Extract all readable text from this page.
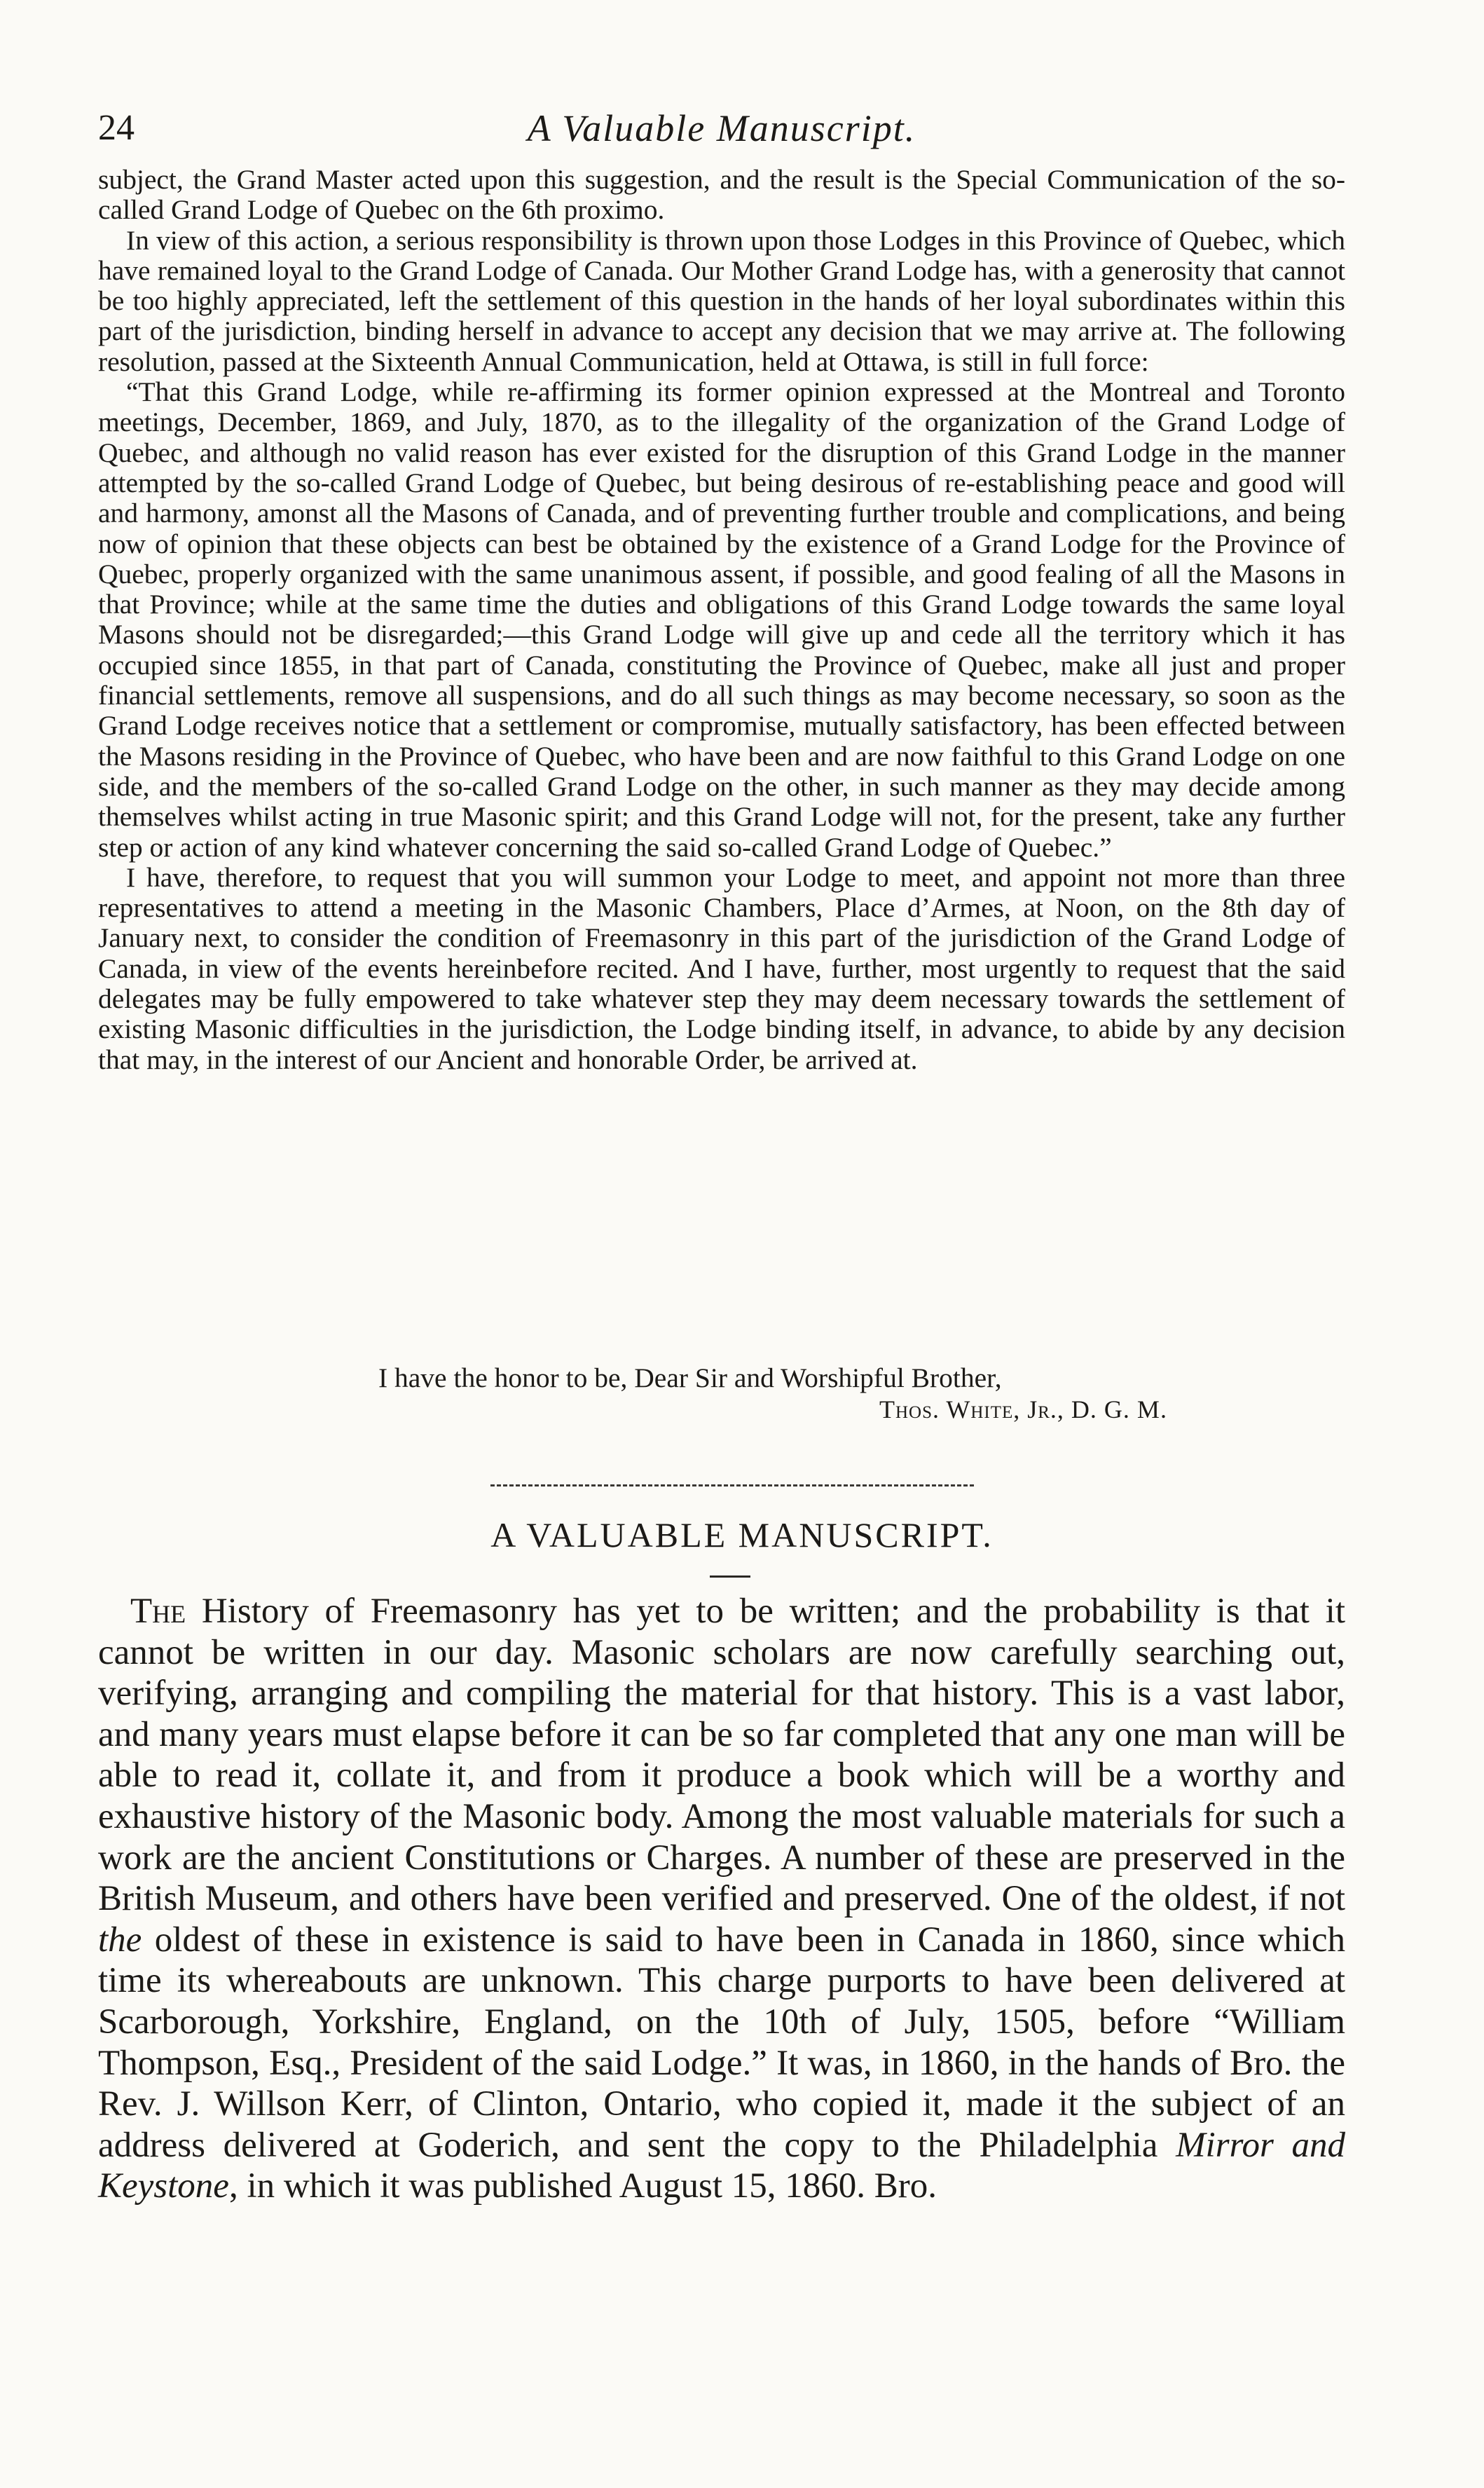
24	A Valuable Manuscript.

subject, the Grand Master acted upon this suggestion, and the result is the Special Communication of the so-called Grand Lodge of Quebec on the 6th proximo.

In view of this action, a serious responsibility is thrown upon those Lodges in this Province of Quebec, which have remained loyal to the Grand Lodge of Canada. Our Mother Grand Lodge has, with a generosity that cannot be too highly appreciated, left the settlement of this question in the hands of her loyal subordinates within this part of the jurisdiction, binding herself in advance to accept any decision that we may arrive at. The following resolution, passed at the Sixteenth Annual Communication, held at Ottawa, is still in full force:

“That this Grand Lodge, while re-affirming its former opinion expressed at the Montreal and Toronto meetings, December, 1869, and July, 1870, as to the illegality of the organization of the Grand Lodge of Quebec, and although no valid reason has ever existed for the disruption of this Grand Lodge in the manner attempted by the so-called Grand Lodge of Quebec, but being desirous of re-establishing peace and good will and harmony, amonst all the Masons of Canada, and of preventing further trouble and complications, and being now of opinion that these objects can best be obtained by the existence of a Grand Lodge for the Province of Quebec, properly organized with the same unanimous assent, if possible, and good fealing of all the Masons in that Province; while at the same time the duties and obligations of this Grand Lodge towards the same loyal Masons should not be disregarded;—this Grand Lodge will give up and cede all the territory which it has occupied since 1855, in that part of Canada, constituting the Province of Quebec, make all just and proper financial settlements, remove all suspensions, and do all such things as may become necessary, so soon as the Grand Lodge receives notice that a settlement or compromise, mutually satisfactory, has been effected between the Masons residing in the Province of Quebec, who have been and are now faithful to this Grand Lodge on one side, and the members of the so-called Grand Lodge on the other, in such manner as they may decide among themselves whilst acting in true Masonic spirit; and this Grand Lodge will not, for the present, take any further step or action of any kind whatever concerning the said so-called Grand Lodge of Quebec.”

I have, therefore, to request that you will summon your Lodge to meet, and appoint not more than three representatives to attend a meeting in the Masonic Chambers, Place d’Armes, at Noon, on the 8th day of January next, to consider the condition of Freemasonry in this part of the jurisdiction of the Grand Lodge of Canada, in view of the events hereinbefore recited. And I have, further, most urgently to request that the said delegates may be fully empowered to take whatever step they may deem necessary towards the settlement of existing Masonic difficulties in the jurisdiction, the Lodge binding itself, in advance, to abide by any decision that may, in the interest of our Ancient and honorable Order, be arrived at.

I have the honor to be, Dear Sir and Worshipful Brother,
Thos. White, Jr., D. G. M.
A VALUABLE MANUSCRIPT.

The History of Freemasonry has yet to be written; and the probability is that it cannot be written in our day. Masonic scholars are now carefully searching out, verifying, arranging and compiling the material for that history. This is a vast labor, and many years must elapse before it can be so far completed that any one man will be able to read it, collate it, and from it produce a book which will be a worthy and exhaustive history of the Masonic body. Among the most valuable materials for such a work are the ancient Constitutions or Charges. A number of these are preserved in the British Museum, and others have been verified and preserved. One of the oldest, if not the oldest of these in existence is said to have been in Canada in 1860, since which time its whereabouts are unknown. This charge purports to have been delivered at Scarborough, Yorkshire, England, on the 10th of July, 1505, before “William Thompson, Esq., President of the said Lodge.” It was, in 1860, in the hands of Bro. the Rev. J. Willson Kerr, of Clinton, Ontario, who copied it, made it the subject of an address delivered at Goderich, and sent the copy to the Philadelphia Mirror and Keystone, in which it was published August 15, 1860. Bro.
